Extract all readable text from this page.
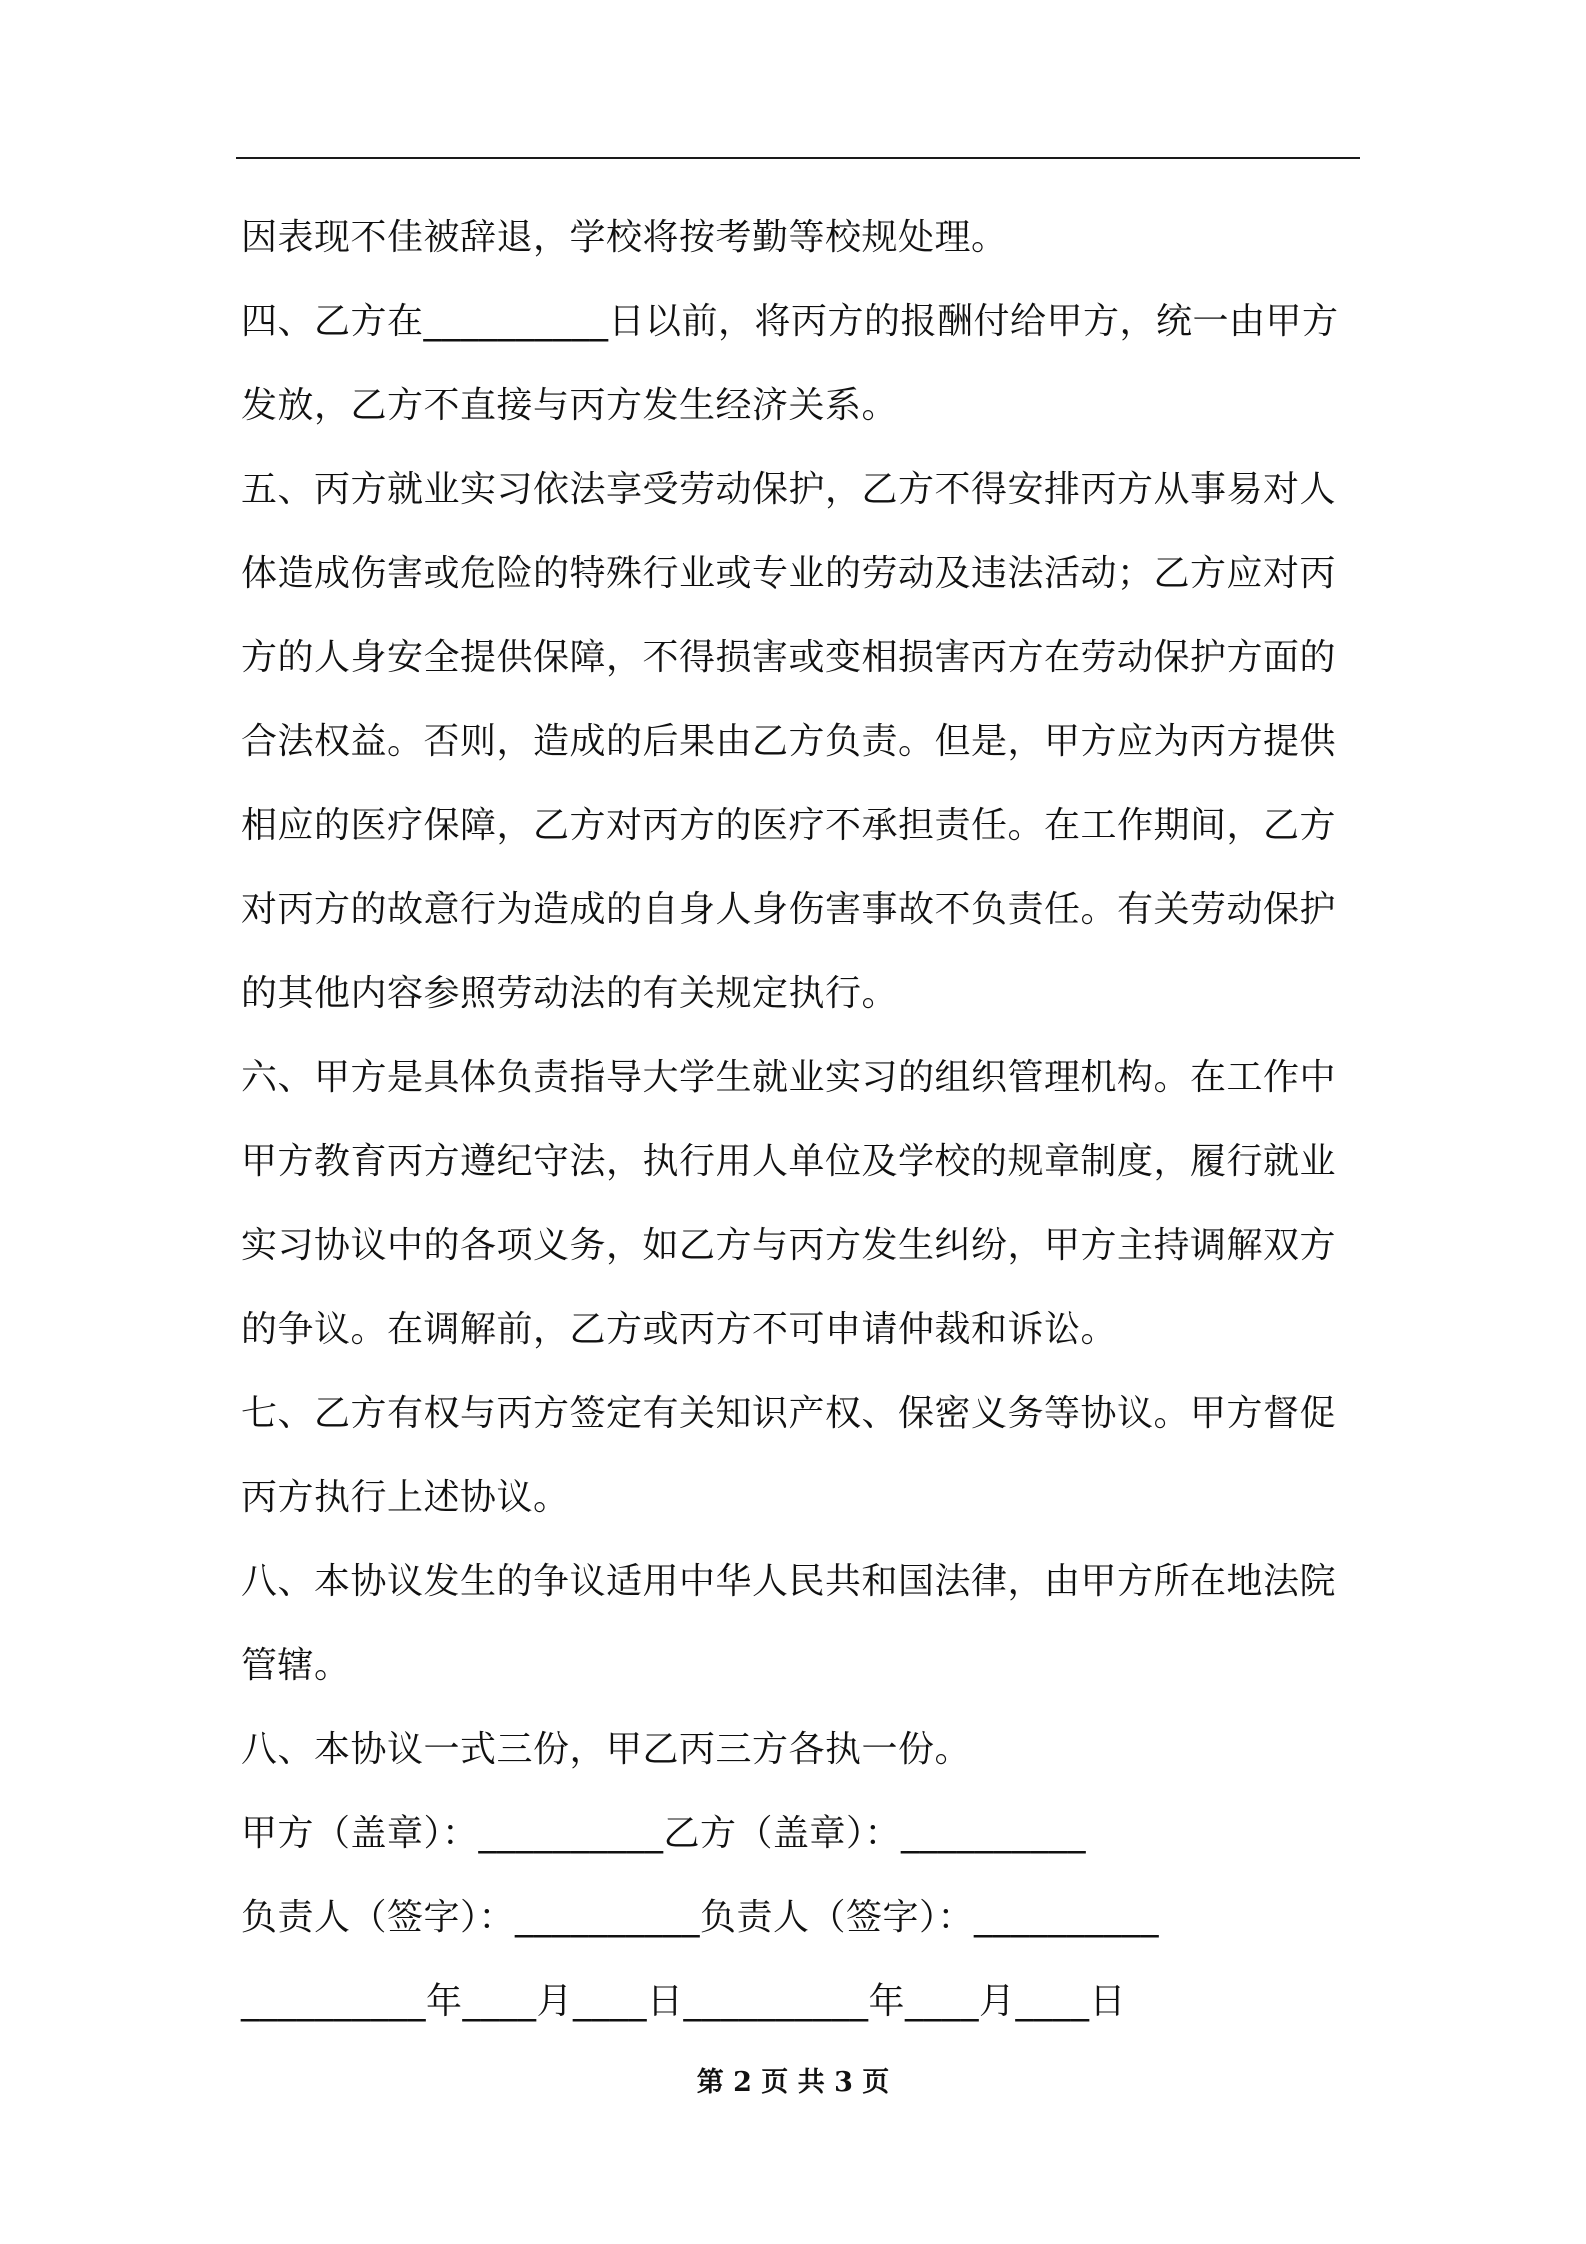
因表现不佳被辞退，学校将按考勤等校规处理。
四、乙方在__________日以前，将丙方的报酬付给甲方，统一由甲方
发放，乙方不直接与丙方发生经济关系。
五、丙方就业实习依法享受劳动保护，乙方不得安排丙方从事易对人
体造成伤害或危险的特殊行业或专业的劳动及违法活动；乙方应对丙
方的人身安全提供保障，不得损害或变相损害丙方在劳动保护方面的
合法权益。否则，造成的后果由乙方负责。但是，甲方应为丙方提供
相应的医疗保障，乙方对丙方的医疗不承担责任。在工作期间，乙方
对丙方的故意行为造成的自身人身伤害事故不负责任。有关劳动保护
的其他内容参照劳动法的有关规定执行。
六、甲方是具体负责指导大学生就业实习的组织管理机构。在工作中
甲方教育丙方遵纪守法，执行用人单位及学校的规章制度，履行就业
实习协议中的各项义务，如乙方与丙方发生纠纷，甲方主持调解双方
的争议。在调解前，乙方或丙方不可申请仲裁和诉讼。
七、乙方有权与丙方签定有关知识产权、保密义务等协议。甲方督促
丙方执行上述协议。
八、本协议发生的争议适用中华人民共和国法律，由甲方所在地法院
管辖。
八、本协议一式三份，甲乙丙三方各执一份。
甲方（盖章）：__________乙方（盖章）：__________
负责人（签字）：__________负责人（签字）：__________
__________年____月____日__________年____月____日
第 2 页 共 3 页
